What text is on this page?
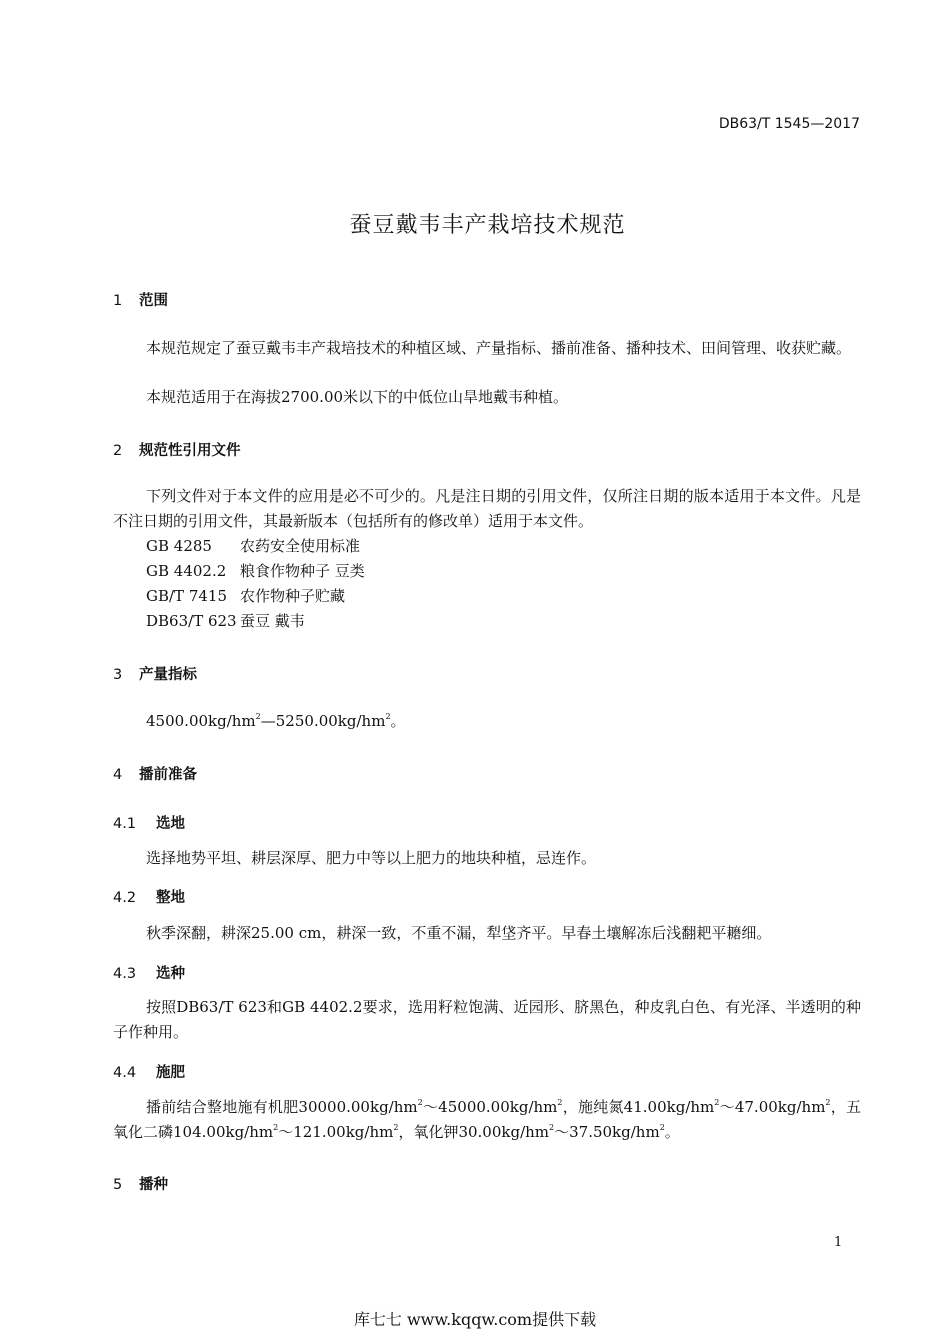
DB63/T 1545—2017
蚕豆戴韦丰产栽培技术规范
1 范围
本规范规定了蚕豆戴韦丰产栽培技术的种植区域、产量指标、播前准备、播种技术、田间管理、收获贮藏。
本规范适用于在海拔2700.00米以下的中低位山旱地戴韦种植。
2 规范性引用文件
下列文件对于本文件的应用是必不可少的。凡是注日期的引用文件，仅所注日期的版本适用于本文件。凡是不注日期的引用文件，其最新版本（包括所有的修改单）适用于本文件。
GB 4285 农药安全使用标准
GB 4402.2 粮食作物种子 豆类
GB/T 7415 农作物种子贮藏
DB63/T 623 蚕豆 戴韦
3 产量指标
$4500.00kg/hm^2—5250.00kg/hm^2$。
4 播前准备
4.1 选地
选择地势平坦、耕层深厚、肥力中等以上肥力的地块种植，忌连作。
4.2 整地
秋季深翻，耕深25.00 cm，耕深一致，不重不漏，犁垡齐平。早春土壤解冻后浅翻耙平耱细。
4.3 选种
按照DB63/T 623和GB 4402.2要求，选用籽粒饱满、近园形、脐黑色，种皮乳白色、有光泽、半透明的种子作种用。
4.4 施肥
播前结合整地施有机肥$30000.00kg/hm^2\sim 45000.00kg/hm^2$，施纯氮$41.00kg/hm^2\sim 47.00kg/hm^2$，五氧化二磷$104.00kg/hm^2\sim 121.00kg/hm^2$，氧化钾$30.00kg/hm^2\sim 37.50kg/hm^2$。
5 播种
1
库七七 www.kqqw.com提供下载
